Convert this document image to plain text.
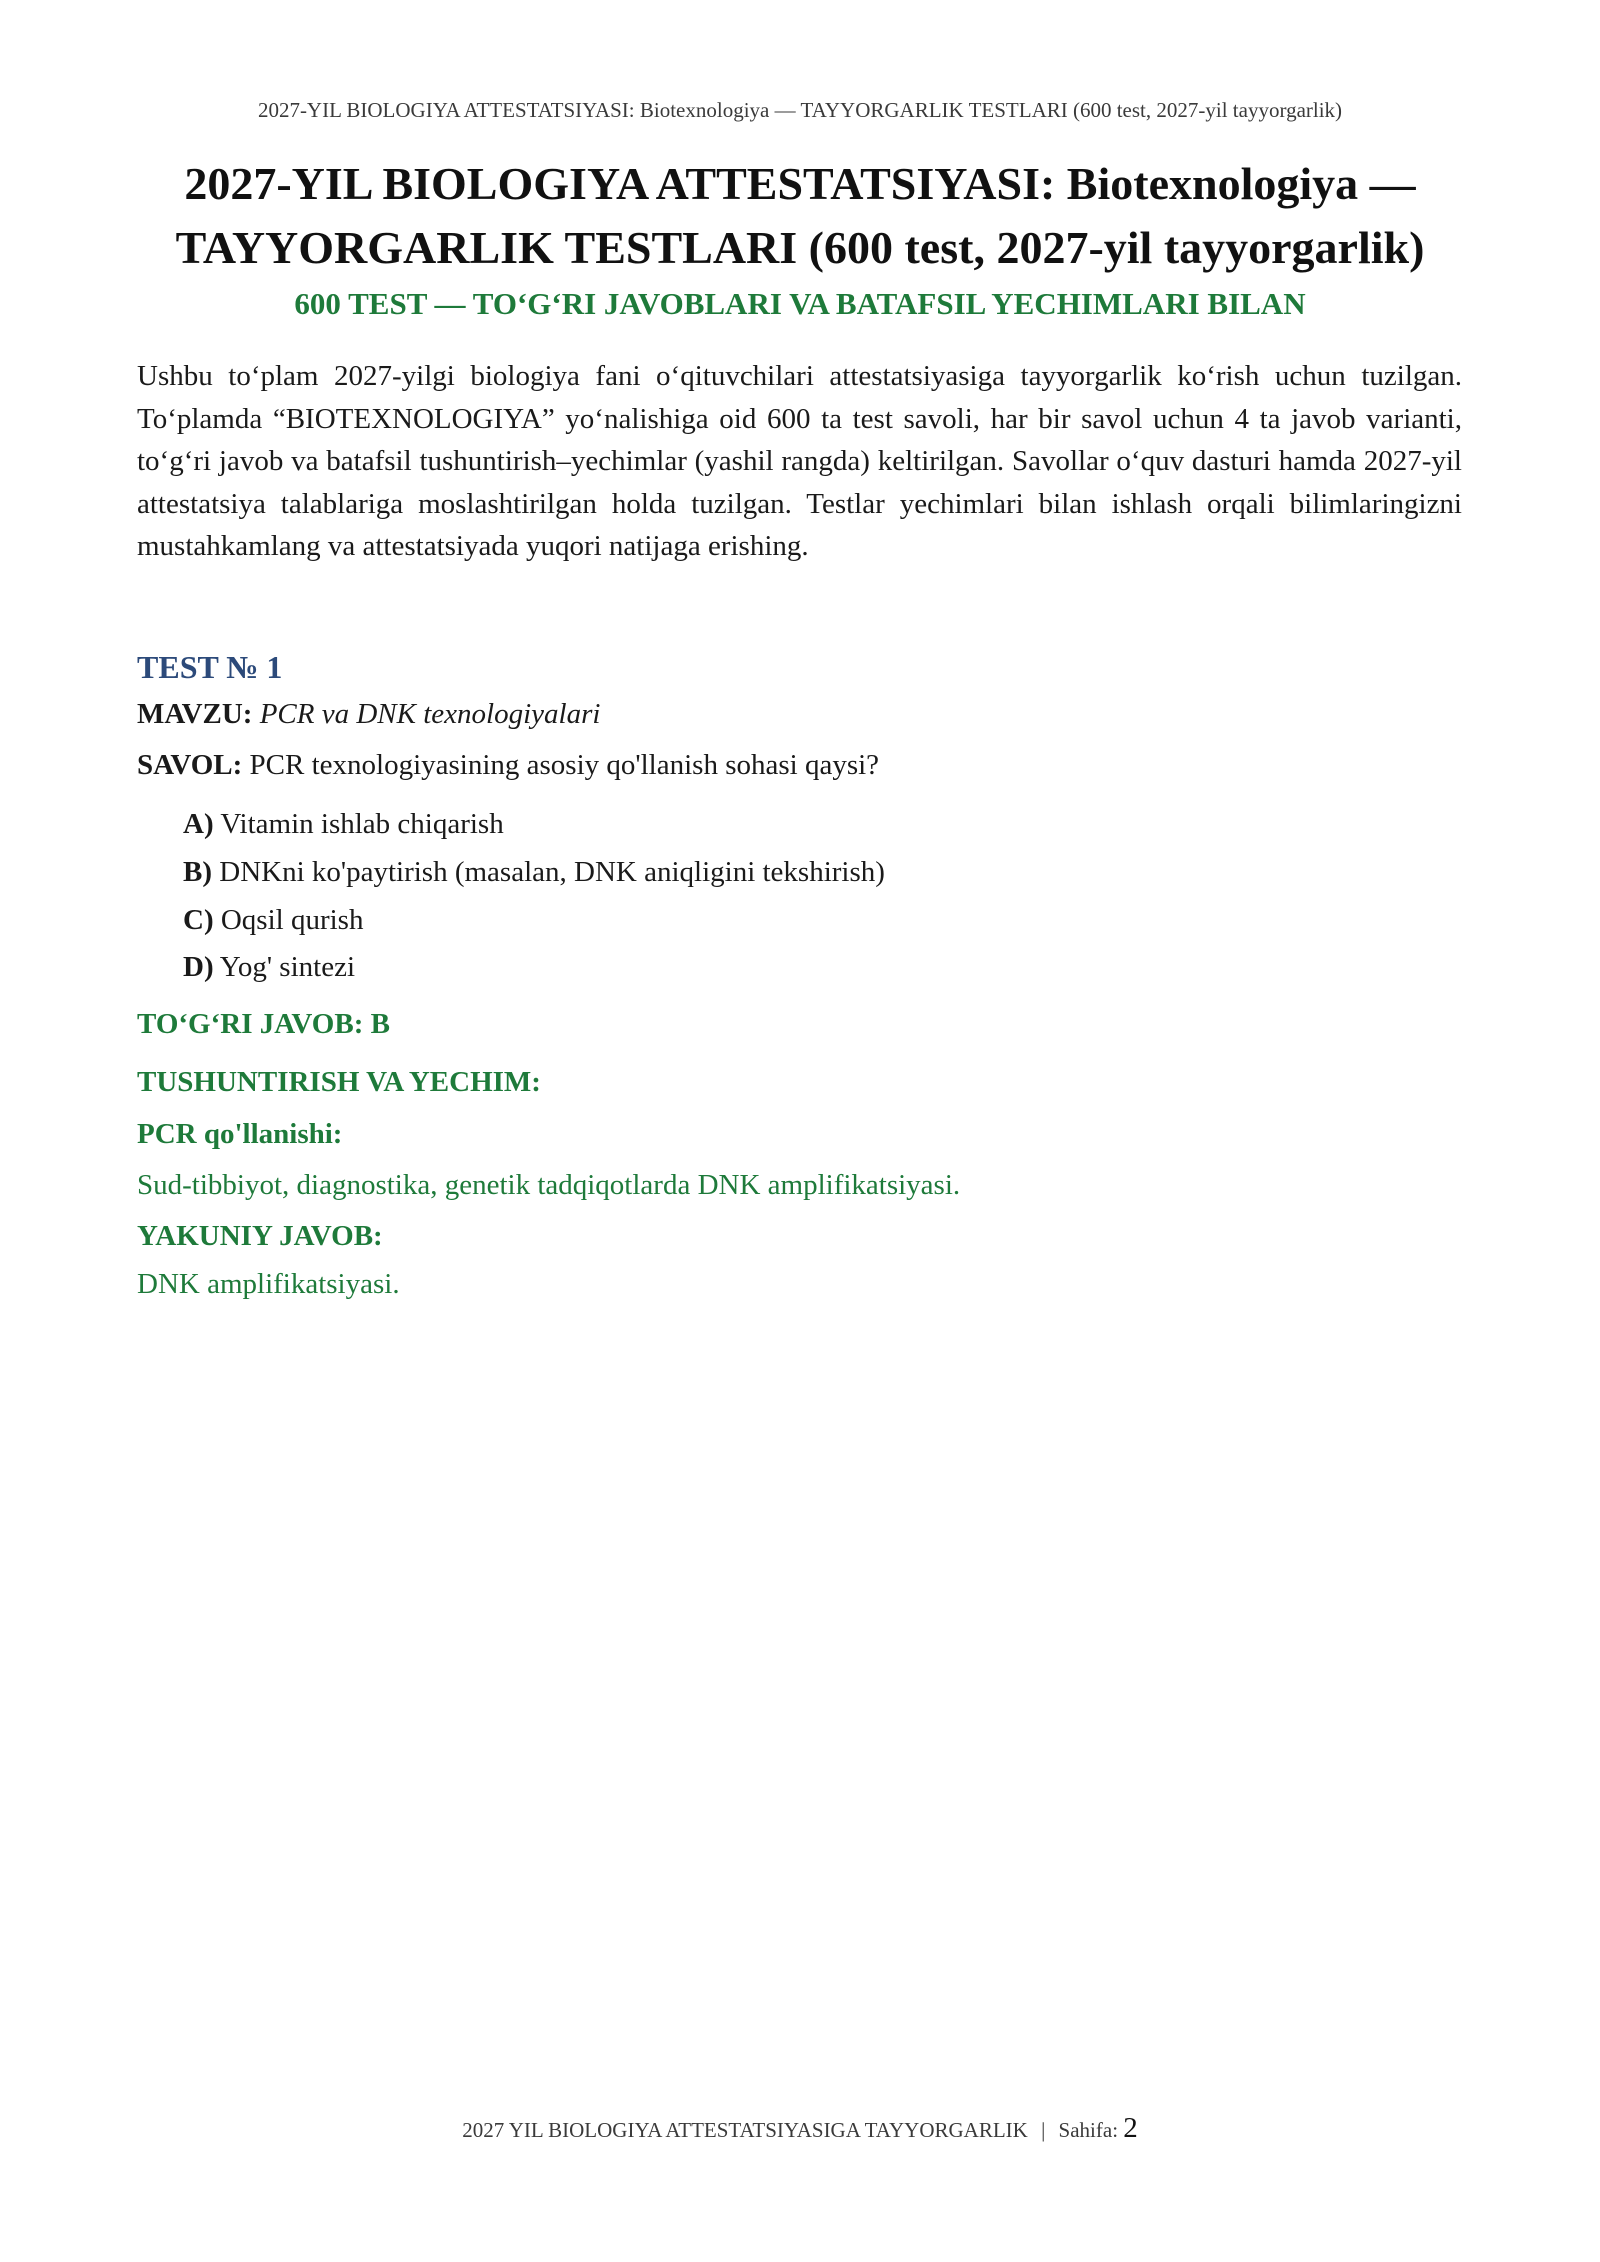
2027-YIL BIOLOGIYA ATTESTATSIYASI: Biotexnologiya — TAYYORGARLIK TESTLARI (600 test, 2027-yil tayyorgarlik)
2027-YIL BIOLOGIYA ATTESTATSIYASI: Biotexnologiya —
TAYYORGARLIK TESTLARI (600 test, 2027-yil tayyorgarlik)
600 TEST — TO‘G‘RI JAVOBLARI VA BATAFSIL YECHIMLARI BILAN
Ushbu to‘plam 2027-yilgi biologiya fani o‘qituvchilari attestatsiyasiga tayyorgarlik ko‘rish uchun tuzilgan. To‘plamda “BIOTEXNOLOGIYA” yo‘nalishiga oid 600 ta test savoli, har bir savol uchun 4 ta javob varianti, to‘g‘ri javob va batafsil tushuntirish–yechimlar (yashil rangda) keltirilgan. Savollar o‘quv dasturi hamda 2027-yil attestatsiya talablariga moslashtirilgan holda tuzilgan. Testlar yechimlari bilan ishlash orqali bilimlaringizni mustahkamlang va attestatsiyada yuqori natijaga erishing.
TEST № 1
MAVZU: PCR va DNK texnologiyalari
SAVOL: PCR texnologiyasining asosiy qo'llanish sohasi qaysi?
A) Vitamin ishlab chiqarish
B) DNKni ko'paytirish (masalan, DNK aniqligini tekshirish)
C) Oqsil qurish
D) Yog' sintezi
TO‘G‘RI JAVOB: B
TUSHUNTIRISH VA YECHIM:
PCR qo'llanishi:
Sud-tibbiyot, diagnostika, genetik tadqiqotlarda DNK amplifikatsiyasi.
YAKUNIY JAVOB:
DNK amplifikatsiyasi.
2027 YIL BIOLOGIYA ATTESTATSIYASIGA TAYYORGARLIK | Sahifa: 2
